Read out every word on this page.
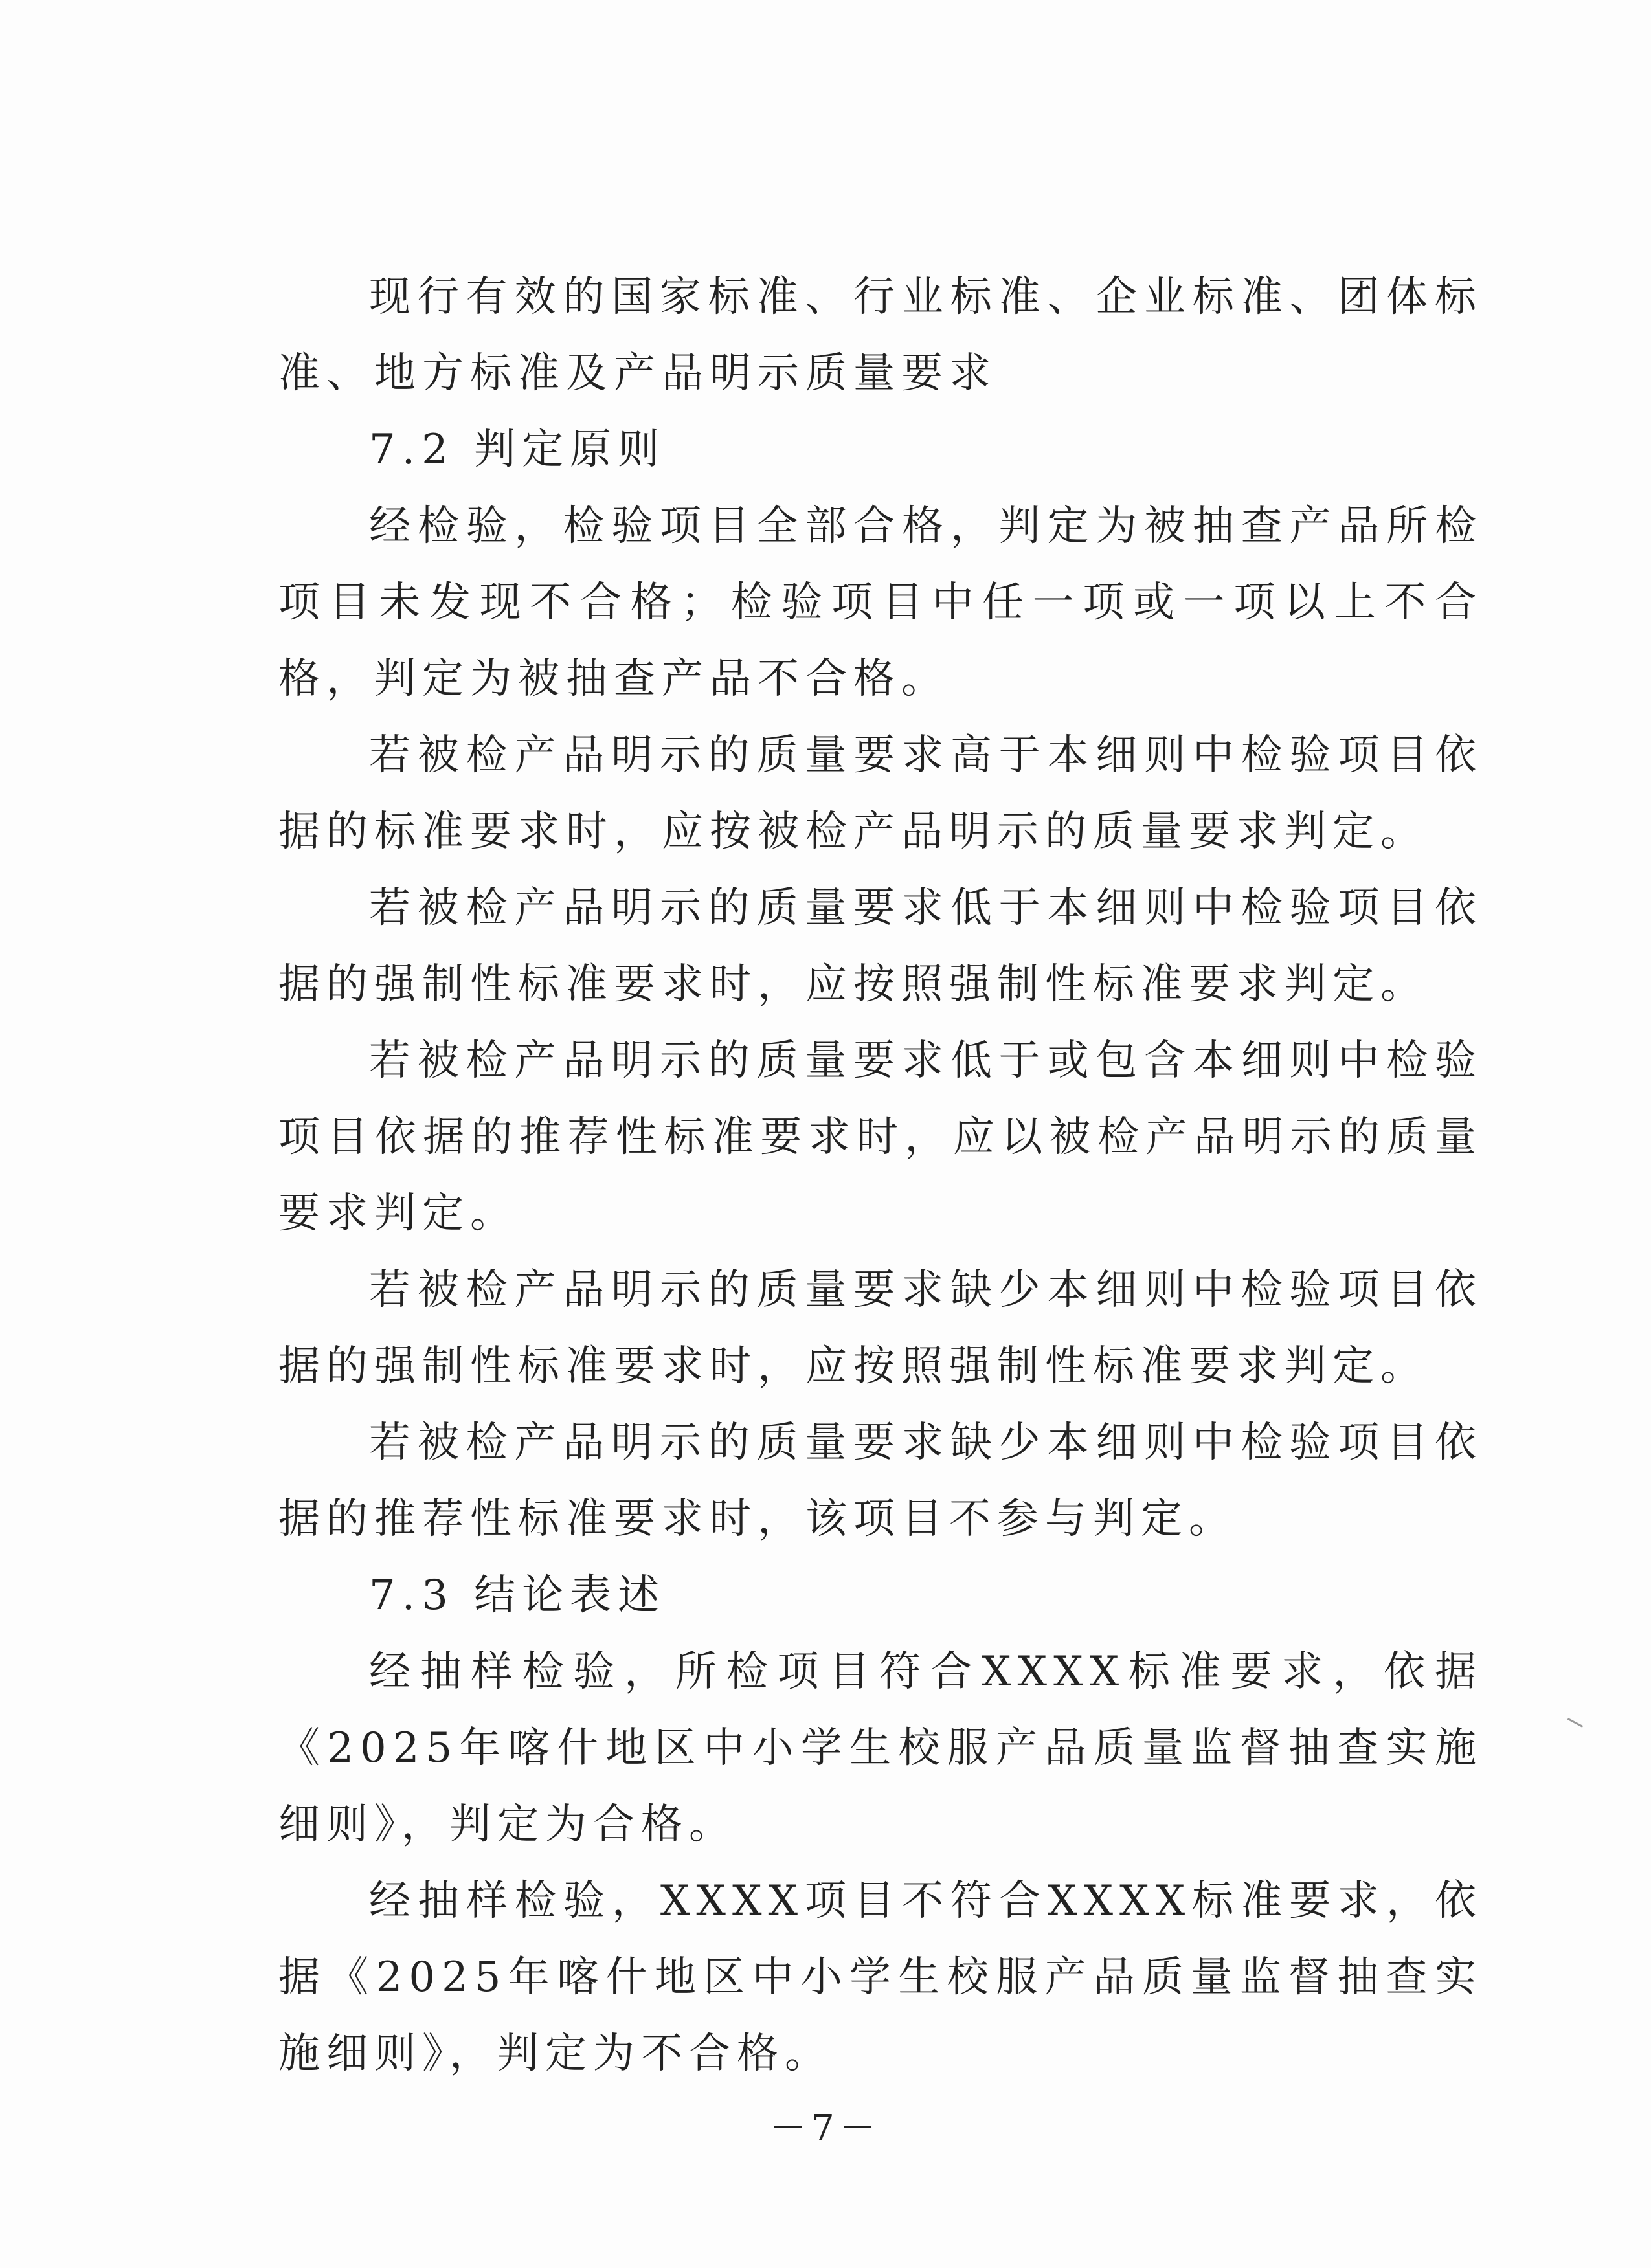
现行有效的国家标准、行业标准、企业标准、团体标准、地方标准及产品明示质量要求

7.2 判定原则

经检验，检验项目全部合格，判定为被抽查产品所检项目未发现不合格；检验项目中任一项或一项以上不合格，判定为被抽查产品不合格。

若被检产品明示的质量要求高于本细则中检验项目依据的标准要求时，应按被检产品明示的质量要求判定。

若被检产品明示的质量要求低于本细则中检验项目依据的强制性标准要求时，应按照强制性标准要求判定。

若被检产品明示的质量要求低于或包含本细则中检验项目依据的推荐性标准要求时，应以被检产品明示的质量要求判定。

若被检产品明示的质量要求缺少本细则中检验项目依据的强制性标准要求时，应按照强制性标准要求判定。

若被检产品明示的质量要求缺少本细则中检验项目依据的推荐性标准要求时，该项目不参与判定。

7.3 结论表述

经抽样检验，所检项目符合XXXX标准要求，依据《2025年喀什地区中小学生校服产品质量监督抽查实施细则》，判定为合格。

经抽样检验，XXXX项目不符合XXXX标准要求，依据《2025年喀什地区中小学生校服产品质量监督抽查实施细则》，判定为不合格。

－7－
